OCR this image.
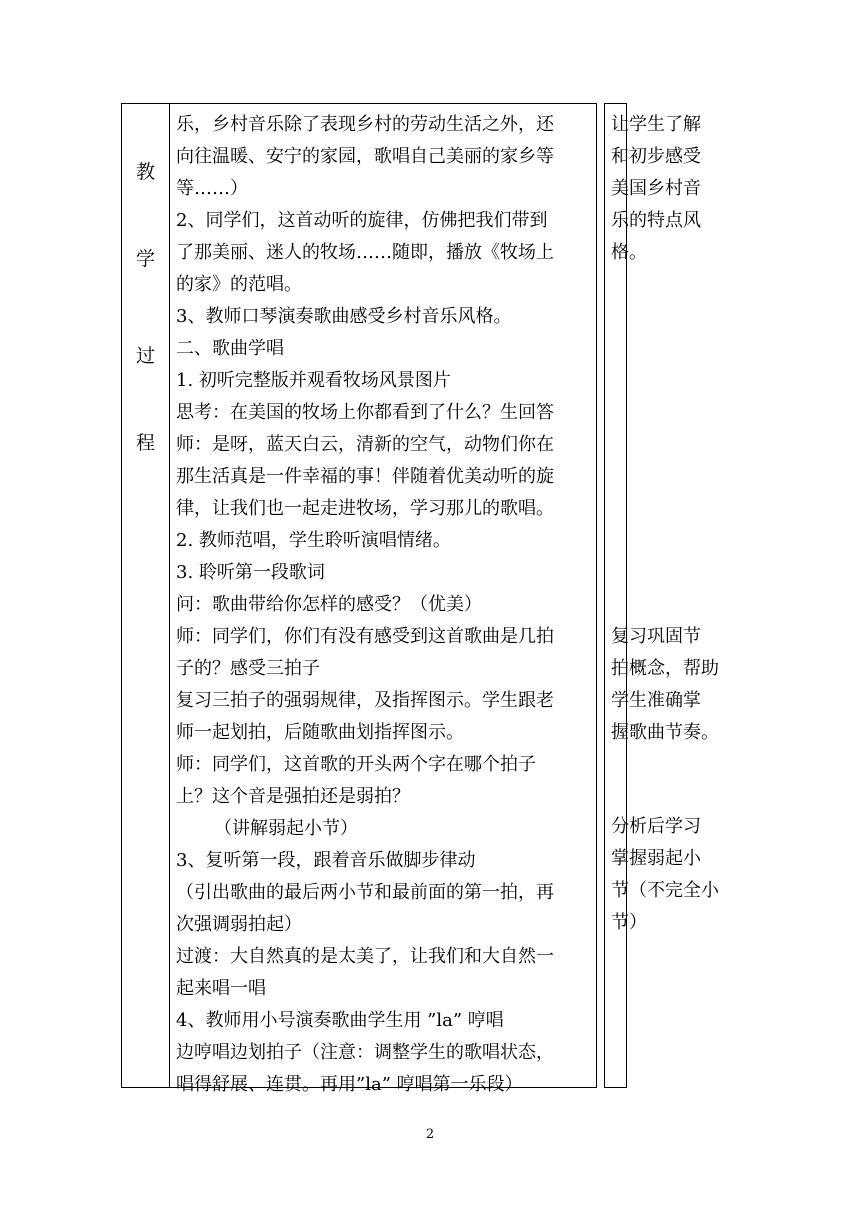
教
学
过
程
乐，乡村音乐除了表现乡村的劳动生活之外，还
向往温暖、安宁的家园，歌唱自己美丽的家乡等
等……）
2、同学们，这首动听的旋律，仿佛把我们带到
了那美丽、迷人的牧场……随即，播放《牧场上
的家》的范唱。
3、教师口琴演奏歌曲感受乡村音乐风格。
二、歌曲学唱
1. 初听完整版并观看牧场风景图片
思考：在美国的牧场上你都看到了什么？生回答
师：是呀，蓝天白云，清新的空气，动物们你在
那生活真是一件幸福的事！伴随着优美动听的旋
律，让我们也一起走进牧场，学习那儿的歌唱。
2. 教师范唱，学生聆听演唱情绪。
3. 聆听第一段歌词
问：歌曲带给你怎样的感受？（优美）
师：同学们，你们有没有感受到这首歌曲是几拍
子的？感受三拍子
复习三拍子的强弱规律，及指挥图示。学生跟老
师一起划拍，后随歌曲划指挥图示。
师：同学们，这首歌的开头两个字在哪个拍子
上？这个音是强拍还是弱拍？
（讲解弱起小节）
3、复听第一段，跟着音乐做脚步律动
（引出歌曲的最后两小节和最前面的第一拍，再
次强调弱拍起）
过渡：大自然真的是太美了，让我们和大自然一
起来唱一唱
4、教师用小号演奏歌曲学生用 ”la” 哼唱
边哼唱边划拍子（注意：调整学生的歌唱状态，
唱得舒展、连贯。再用”la” 哼唱第一乐段）
让学生了解
和初步感受
美国乡村音
乐的特点风
格。
复习巩固节
拍概念，帮助
学生准确掌
握歌曲节奏。
分析后学习
掌握弱起小
节（不完全小
节）
2
